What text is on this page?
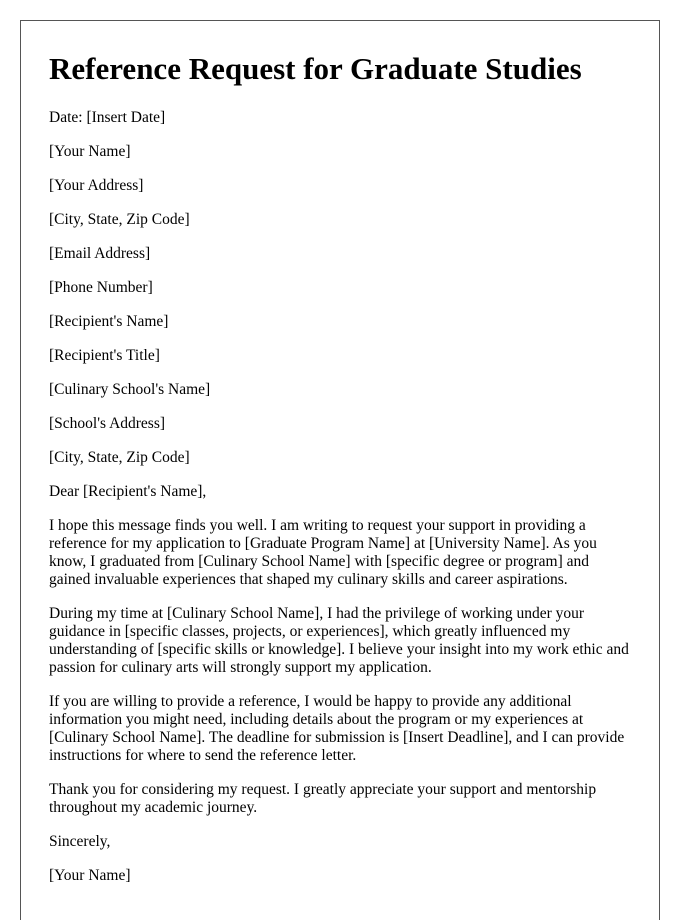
Reference Request for Graduate Studies

Date: [Insert Date]

[Your Name]

[Your Address]

[City, State, Zip Code]

[Email Address]

[Phone Number]

[Recipient's Name]

[Recipient's Title]

[Culinary School's Name]

[School's Address]

[City, State, Zip Code]

Dear [Recipient's Name],

I hope this message finds you well. I am writing to request your support in providing a reference for my application to [Graduate Program Name] at [University Name]. As you know, I graduated from [Culinary School Name] with [specific degree or program] and gained invaluable experiences that shaped my culinary skills and career aspirations.

During my time at [Culinary School Name], I had the privilege of working under your guidance in [specific classes, projects, or experiences], which greatly influenced my understanding of [specific skills or knowledge]. I believe your insight into my work ethic and passion for culinary arts will strongly support my application.

If you are willing to provide a reference, I would be happy to provide any additional information you might need, including details about the program or my experiences at [Culinary School Name]. The deadline for submission is [Insert Deadline], and I can provide instructions for where to send the reference letter.

Thank you for considering my request. I greatly appreciate your support and mentorship throughout my academic journey.

Sincerely,

[Your Name]
